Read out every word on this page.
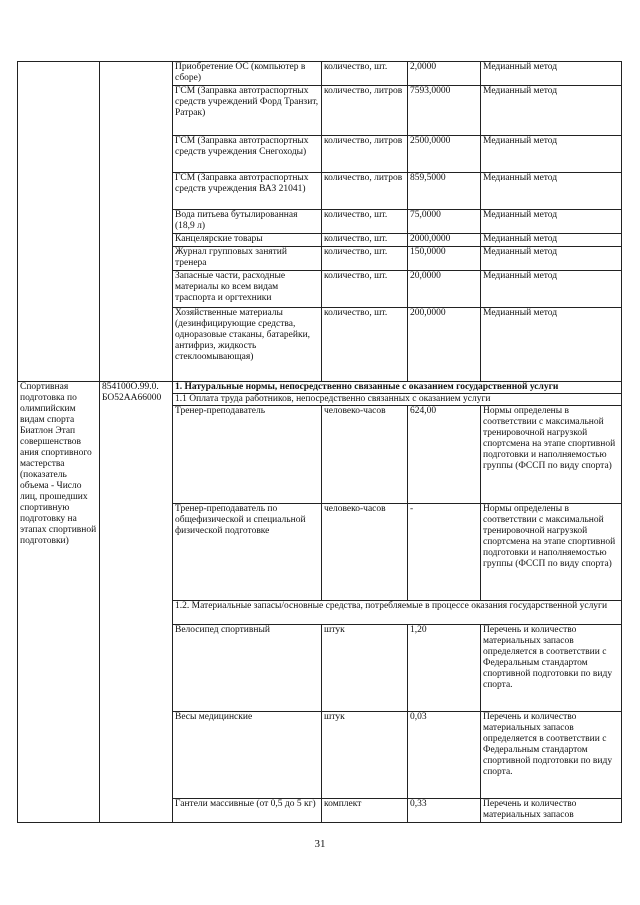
		Приобретение ОС (компьютер в сборе)	количество, шт.	2,0000	Медианный метод
		ГСМ (Заправка автотраспортных средств учреждений Форд Транзит, Ратрак)	количество, литров	7593,0000	Медианный метод
		ГСМ (Заправка автотраспортных средств учреждения Снегоходы)	количество, литров	2500,0000	Медианный метод
		ГСМ (Заправка автотраспортных средств учреждения ВАЗ 21041)	количество, литров	859,5000	Медианный метод
		Вода питьева бутылированная (18,9 л)	количество, шт.	75,0000	Медианный метод
		Канцелярские товары	количество, шт.	2000,0000	Медианный метод
		Журнал групповых занятий тренера	количество, шт.	150,0000	Медианный метод
		Запасные части, расходные материалы ко всем видам траспорта и оргтехники	количество, шт.	20,0000	Медианный метод
		Хозяйственные материалы (дезинфицирующие средства, одноразовые стаканы, батарейки, антифриз, жидкость стеклоомывающая)	количество, шт.	200,0000	Медианный метод
Спортивная подготовка по олимпийским видам спорта Биатлон Этап совершенствов ания спортивного мастерства (показатель объема - Число лиц, прошедших спортивную подготовку на этапах спортивной подготовки)	854100О.99.0. БО52АА66000	1. Натуральные нормы, непосредственно связанные с оказанием государственной услуги			
		1.1 Оплата труда работников, непосредственно связанных с оказанием услуги			
		Тренер-преподаватель	человеко-часов	624,00	Нормы определены в соответствии с максимальной тренировочной нагрузкой спортсмена на этапе спортивной подготовки и наполняемостью группы (ФССП по виду спорта)
		Тренер-преподаватель по общефизической и специальной физической подготовке	человеко-часов	-	Нормы определены в соответствии с максимальной тренировочной нагрузкой спортсмена на этапе спортивной подготовки и наполняемостью группы (ФССП по виду спорта)
		1.2. Материальные запасы/основные средства, потребляемые в процессе оказания государственной услуги			
		Велосипед спортивный	штук	1,20	Перечень и количество материальных запасов определяется в соответствии с Федеральным стандартом спортивной подготовки по виду спорта.
		Весы медицинские	штук	0,03	Перечень и количество материальных запасов определяется в соответствии с Федеральным стандартом спортивной подготовки по виду спорта.
		Гантели массивные (от 0,5 до 5 кг)	комплект	0,33	Перечень и количество материальных запасов
31
